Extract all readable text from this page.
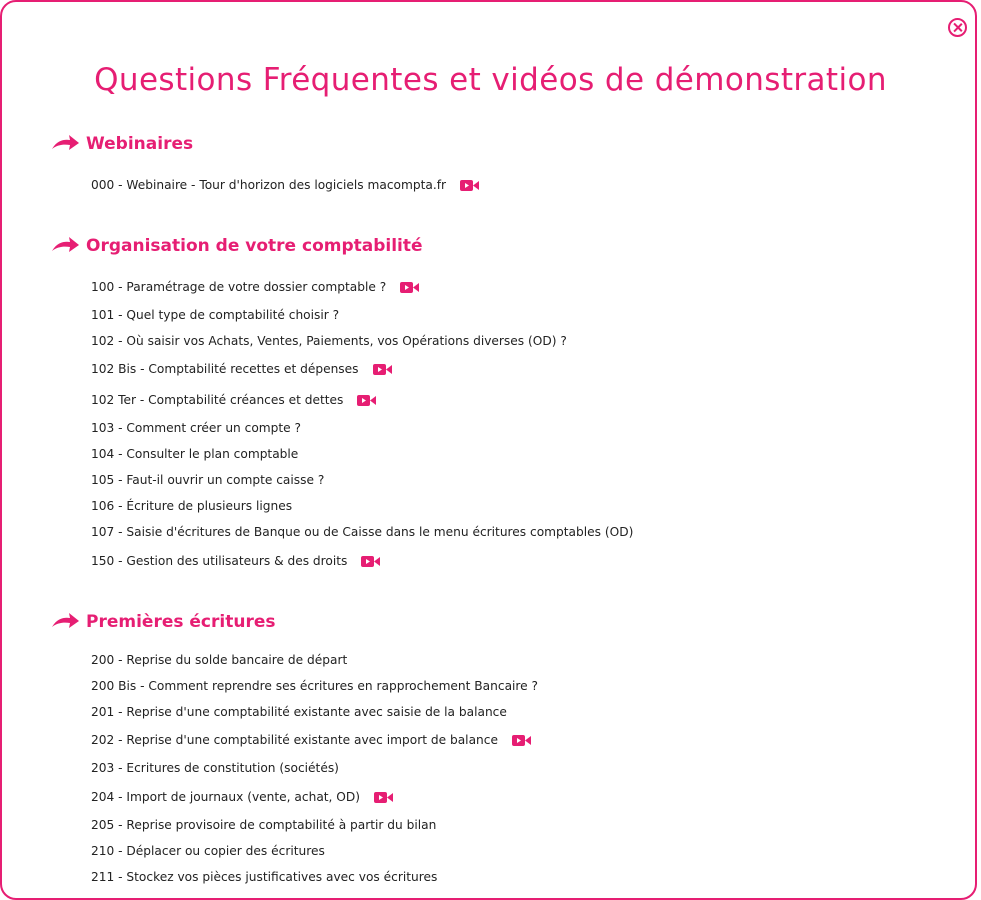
Questions Fréquentes et vidéos de démonstration
Webinaires
000 - Webinaire - Tour d'horizon des logiciels macompta.fr
Organisation de votre comptabilité
100 - Paramétrage de votre dossier comptable ?
101 - Quel type de comptabilité choisir ?
102 - Où saisir vos Achats, Ventes, Paiements, vos Opérations diverses (OD) ?
102 Bis - Comptabilité recettes et dépenses
102 Ter - Comptabilité créances et dettes
103 - Comment créer un compte ?
104 - Consulter le plan comptable
105 - Faut-il ouvrir un compte caisse ?
106 - Écriture de plusieurs lignes
107 - Saisie d'écritures de Banque ou de Caisse dans le menu écritures comptables (OD)
150 - Gestion des utilisateurs & des droits
Premières écritures
200 - Reprise du solde bancaire de départ
200 Bis - Comment reprendre ses écritures en rapprochement Bancaire ?
201 - Reprise d'une comptabilité existante avec saisie de la balance
202 - Reprise d'une comptabilité existante avec import de balance
203 - Ecritures de constitution (sociétés)
204 - Import de journaux (vente, achat, OD)
205 - Reprise provisoire de comptabilité à partir du bilan
210 - Déplacer ou copier des écritures
211 - Stockez vos pièces justificatives avec vos écritures
